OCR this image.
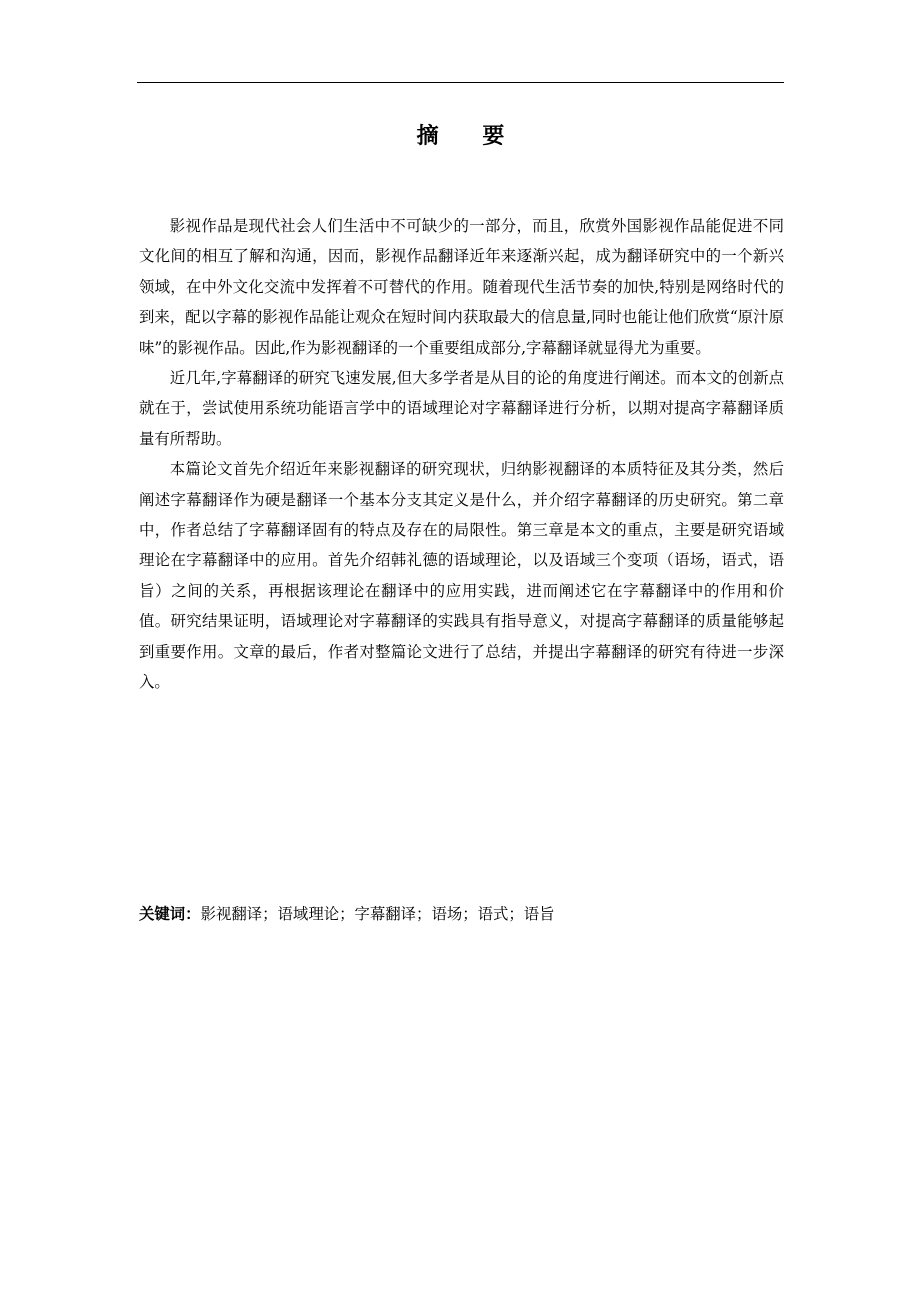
摘 要

影视作品是现代社会人们生活中不可缺少的一部分，而且，欣赏外国影视作品能促进不同文化间的相互了解和沟通，因而，影视作品翻译近年来逐渐兴起，成为翻译研究中的一个新兴领域，在中外文化交流中发挥着不可替代的作用。随着现代生活节奏的加快,特别是网络时代的到来，配以字幕的影视作品能让观众在短时间内获取最大的信息量,同时也能让他们欣赏“原汁原味”的影视作品。因此,作为影视翻译的一个重要组成部分,字幕翻译就显得尤为重要。

近几年,字幕翻译的研究飞速发展,但大多学者是从目的论的角度进行阐述。而本文的创新点就在于，尝试使用系统功能语言学中的语域理论对字幕翻译进行分析，以期对提高字幕翻译质量有所帮助。

本篇论文首先介绍近年来影视翻译的研究现状，归纳影视翻译的本质特征及其分类，然后阐述字幕翻译作为硬是翻译一个基本分支其定义是什么，并介绍字幕翻译的历史研究。第二章中，作者总结了字幕翻译固有的特点及存在的局限性。第三章是本文的重点，主要是研究语域理论在字幕翻译中的应用。首先介绍韩礼德的语域理论，以及语域三个变项（语场，语式，语旨）之间的关系，再根据该理论在翻译中的应用实践，进而阐述它在字幕翻译中的作用和价值。研究结果证明，语域理论对字幕翻译的实践具有指导意义，对提高字幕翻译的质量能够起到重要作用。文章的最后，作者对整篇论文进行了总结，并提出字幕翻译的研究有待进一步深入。

关键词：影视翻译；语域理论；字幕翻译；语场；语式；语旨
